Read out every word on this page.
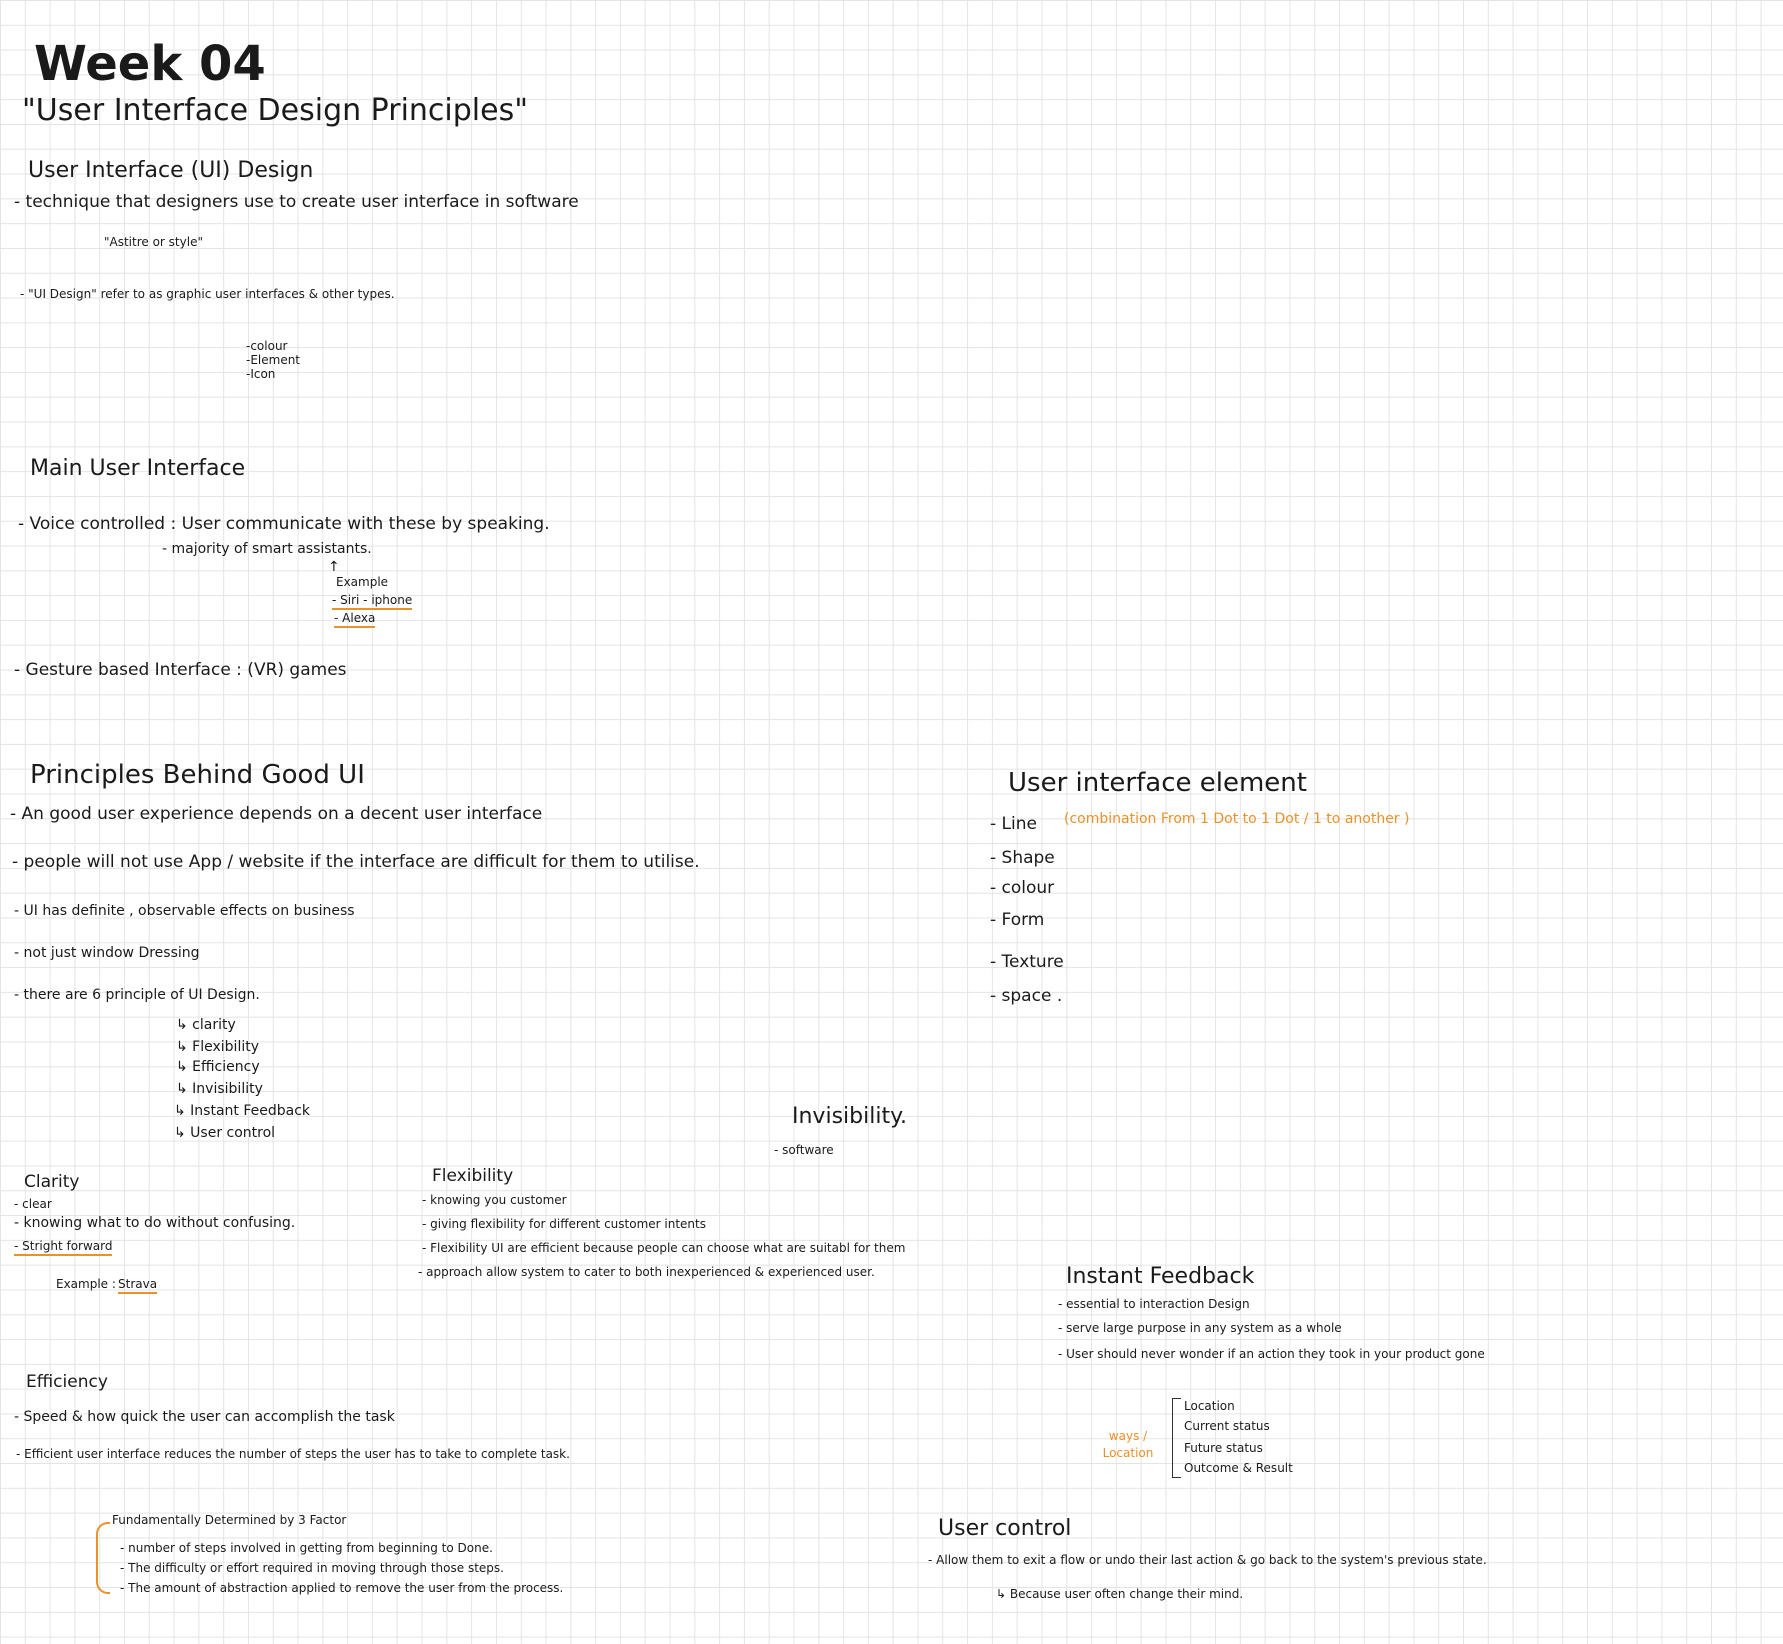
Week 04
"User Interface Design Principles"
User Interface (UI) Design
- technique that designers use to create user interface in software
"Astitre or style"
- "UI Design" refer to as graphic user interfaces & other types.
-colour
-Element
-Icon
Main User Interface
- Voice controlled : User communicate with these by speaking.
- majority of smart assistants.
↑
Example
- Siri - iphone
- Alexa
- Gesture based Interface : (VR) games
Principles Behind Good UI
- An good user experience depends on a decent user interface
- people will not use App / website if the interface are difficult for them to utilise.
- UI has definite , observable effects on business
- not just window Dressing
- there are 6 principle of UI Design.
↳ clarity
↳ Flexibility
↳ Efficiency
↳ Invisibility
↳ Instant Feedback
↳ User control
User interface element
- Line (combination From 1 Dot to 1 Dot / 1 to another )
- Shape
- colour
- Form
- Texture
- space .
Invisibility.
- software
Clarity
- clear
- knowing what to do without confusing.
- Stright forward
Example : Strava
Flexibility
- knowing you customer
- giving flexibility for different customer intents
- Flexibility UI are efficient because people can choose what are suitabl for them
- approach allow system to cater to both inexperienced & experienced user.	Instant Feedback
- essential to interaction Design
- serve large purpose in any system as a whole
- User should never wonder if an action they took in your product gone
ways / Location
Location
Current status
Future status
Outcome & Result
Efficiency
- Speed & how quick the user can accomplish the task
- Efficient user interface reduces the number of steps the user has to take to complete task.
Fundamentally Determined by 3 Factor
- number of steps involved in getting from beginning to Done.
- The difficulty or effort required in moving through those steps.
- The amount of abstraction applied to remove the user from the process.
User control
- Allow them to exit a flow or undo their last action & go back to the system's previous state.
↳ Because user often change their mind.
